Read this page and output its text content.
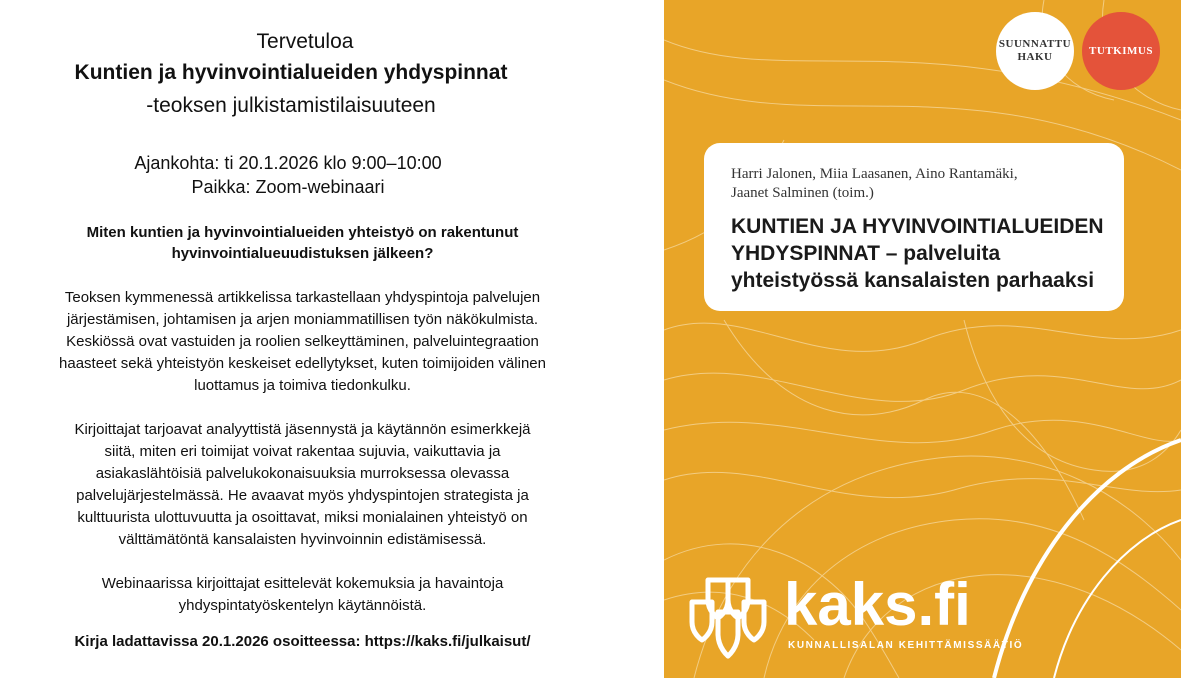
Tervetuloa
Kuntien ja hyvinvointialueiden yhdyspinnat
-teoksen julkistamistilaisuuteen
Ajankohta: ti 20.1.2026 klo 9:00–10:00
Paikka: Zoom-webinaari
Miten kuntien ja hyvinvointialueiden yhteistyö on rakentunut
hyvinvointialueuudistuksen jälkeen?
Teoksen kymmenessä artikkelissa tarkastellaan yhdyspintoja palvelujen
järjestämisen, johtamisen ja arjen moniammatillisen työn näkökulmista.
Keskiössä ovat vastuiden ja roolien selkeyttäminen, palveluintegraation
haasteet sekä yhteistyön keskeiset edellytykset, kuten toimijoiden välinen
luottamus ja toimiva tiedonkulku.
Kirjoittajat tarjoavat analyyttistä jäsennystä ja käytännön esimerkkejä
siitä, miten eri toimijat voivat rakentaa sujuvia, vaikuttavia ja
asiakaslähtöisiä palvelukokonaisuuksia murroksessa olevassa
palvelujärjestelmässä. He avaavat myös yhdyspintojen strategista ja
kulttuurista ulottuvuutta ja osoittavat, miksi monialainen yhteistyö on
välttämätöntä kansalaisten hyvinvoinnin edistämisessä.
Webinaarissa kirjoittajat esittelevät kokemuksia ja havaintoja
yhdyspintatyöskentelyn käytännöistä.
Kirja ladattavissa 20.1.2026 osoitteessa: https://kaks.fi/julkaisut/
SUUNNATTU
HAKU
TUTKIMUS
Harri Jalonen, Miia Laasanen, Aino Rantamäki,
Jaanet Salminen (toim.)
KUNTIEN JA HYVINVOINTIALUEIDEN
YHDYSPINNAT – palveluita
yhteistyössä kansalaisten parhaaksi
kaks.fi
KUNNALLISALAN KEHITTÄMISSÄÄTIÖ
